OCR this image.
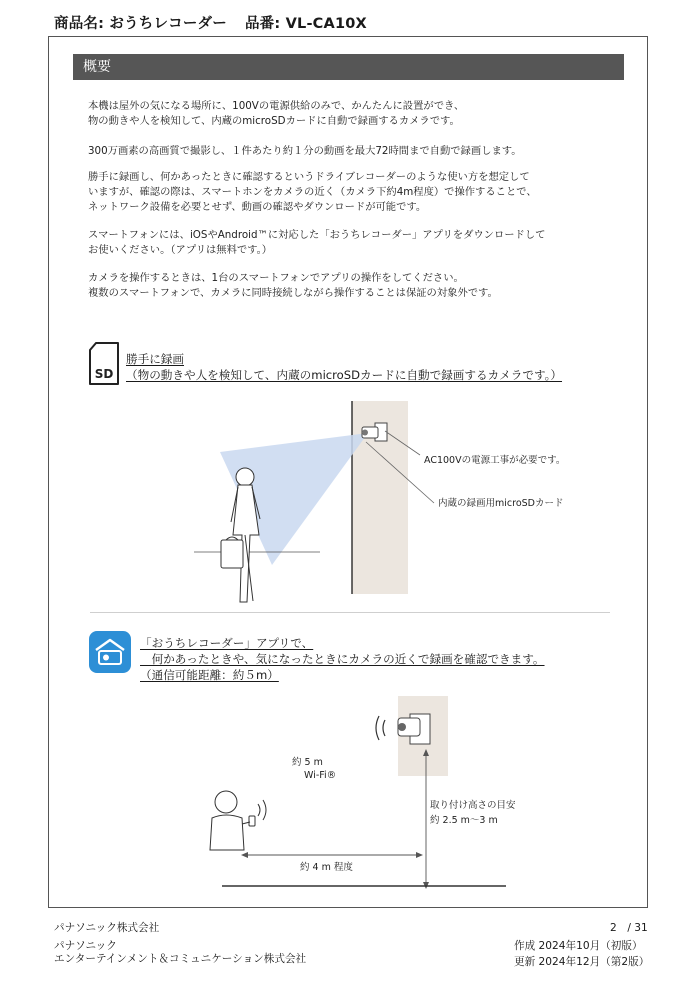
商品名: おうちレコーダー 品番: VL-CA10X
概要

本機は屋外の気になる場所に、100Vの電源供給のみで、かんたんに設置ができ、
物の動きや人を検知して、内蔵のmicroSDカードに自動で録画するカメラです。

300万画素の高画質で撮影し、１件あたり約１分の動画を最大72時間まで自動で録画します。

勝手に録画し、何かあったときに確認するというドライブレコーダーのような使い方を想定して
いますが、確認の際は、スマートホンをカメラの近く（カメラ下約4m程度）で操作することで、
ネットワーク設備を必要とせず、動画の確認やダウンロードが可能です。

スマートフォンには、iOSやAndroid™に対応した「おうちレコーダー」アプリをダウンロードして
お使いください。（アプリは無料です。）

カメラを操作するときは、1台のスマートフォンでアプリの操作をしてください。
複数のスマートフォンで、カメラに同時接続しながら操作することは保証の対象外です。

SD
勝手に録画
（物の動きや人を検知して、内蔵のmicroSDカードに自動で録画するカメラです。）
AC100Vの電源工事が必要です。
内蔵の録画用microSDカード
「おうちレコーダー」アプリで、
　何かあったときや、気になったときにカメラの近くで録画を確認できます。
（通信可能距離：約５m）
約 5 m
Wi-Fi®
取り付け高さの目安
約 2.5 m～3 m
約 4 m 程度
パナソニック株式会社
パナソニック
エンターテインメント＆コミュニケーション株式会社
2　/ 31
作成 2024年10月（初版）
更新 2024年12月（第2版）
